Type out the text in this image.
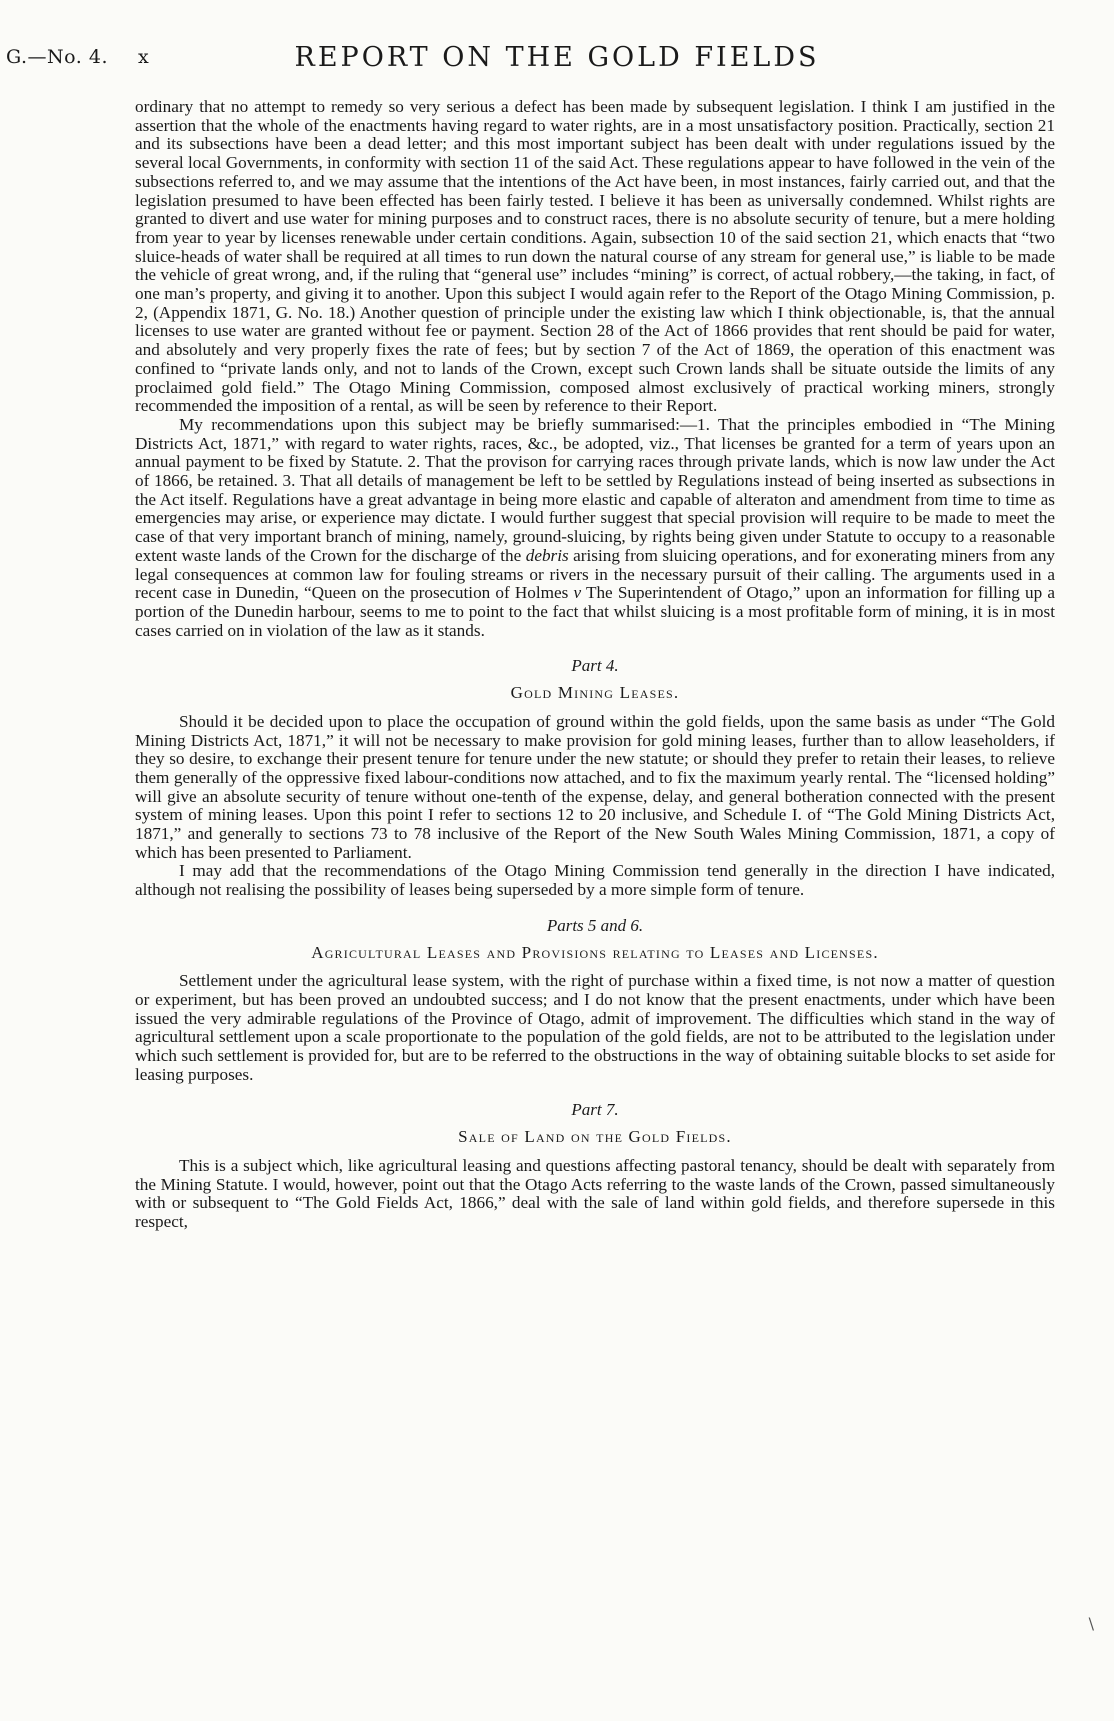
G.—No. 4. x	REPORT ON THE GOLD FIELDS

ordinary that no attempt to remedy so very serious a defect has been made by subsequent legislation. I think I am justified in the assertion that the whole of the enactments having regard to water rights, are in a most unsatisfactory position. Practically, section 21 and its subsections have been a dead letter; and this most important subject has been dealt with under regulations issued by the several local Governments, in conformity with section 11 of the said Act. These regulations appear to have followed in the vein of the subsections referred to, and we may assume that the intentions of the Act have been, in most instances, fairly carried out, and that the legislation presumed to have been effected has been fairly tested. I believe it has been as universally condemned. Whilst rights are granted to divert and use water for mining purposes and to construct races, there is no absolute security of tenure, but a mere holding from year to year by licenses renewable under certain conditions. Again, subsection 10 of the said section 21, which enacts that “two sluice-heads of water shall be required at all times to run down the natural course of any stream for general use,” is liable to be made the vehicle of great wrong, and, if the ruling that “general use” includes “mining” is correct, of actual robbery,—the taking, in fact, of one man’s property, and giving it to another. Upon this subject I would again refer to the Report of the Otago Mining Commission, p. 2, (Appendix 1871, G. No. 18.) Another question of principle under the existing law which I think objectionable, is, that the annual licenses to use water are granted without fee or payment. Section 28 of the Act of 1866 provides that rent should be paid for water, and absolutely and very properly fixes the rate of fees; but by section 7 of the Act of 1869, the operation of this enactment was confined to “private lands only, and not to lands of the Crown, except such Crown lands shall be situate outside the limits of any proclaimed gold field.” The Otago Mining Commission, composed almost exclusively of practical working miners, strongly recommended the imposition of a rental, as will be seen by reference to their Report.

My recommendations upon this subject may be briefly summarised:—1. That the principles embodied in “The Mining Districts Act, 1871,” with regard to water rights, races, &c., be adopted, viz., That licenses be granted for a term of years upon an annual payment to be fixed by Statute. 2. That the provison for carrying races through private lands, which is now law under the Act of 1866, be retained. 3. That all details of management be left to be settled by Regulations instead of being inserted as subsections in the Act itself. Regulations have a great advantage in being more elastic and capable of alteraton and amendment from time to time as emergencies may arise, or experience may dictate. I would further suggest that special provision will require to be made to meet the case of that very important branch of mining, namely, ground-sluicing, by rights being given under Statute to occupy to a reasonable extent waste lands of the Crown for the discharge of the debris arising from sluicing operations, and for exonerating miners from any legal consequences at common law for fouling streams or rivers in the necessary pursuit of their calling. The arguments used in a recent case in Dunedin, “Queen on the prosecution of Holmes v The Superintendent of Otago,” upon an information for filling up a portion of the Dunedin harbour, seems to me to point to the fact that whilst sluicing is a most profitable form of mining, it is in most cases carried on in violation of the law as it stands.

Part 4.
Gold Mining Leases.

Should it be decided upon to place the occupation of ground within the gold fields, upon the same basis as under “The Gold Mining Districts Act, 1871,” it will not be necessary to make provision for gold mining leases, further than to allow leaseholders, if they so desire, to exchange their present tenure for tenure under the new statute; or should they prefer to retain their leases, to relieve them generally of the oppressive fixed labour-conditions now attached, and to fix the maximum yearly rental. The “licensed holding” will give an absolute security of tenure without one-tenth of the expense, delay, and general botheration connected with the present system of mining leases. Upon this point I refer to sections 12 to 20 inclusive, and Schedule I. of “The Gold Mining Districts Act, 1871,” and generally to sections 73 to 78 inclusive of the Report of the New South Wales Mining Commission, 1871, a copy of which has been presented to Parliament.

I may add that the recommendations of the Otago Mining Commission tend generally in the direction I have indicated, although not realising the possibility of leases being superseded by a more simple form of tenure.

Parts 5 and 6.
Agricultural Leases and Provisions relating to Leases and Licenses.

Settlement under the agricultural lease system, with the right of purchase within a fixed time, is not now a matter of question or experiment, but has been proved an undoubted success; and I do not know that the present enactments, under which have been issued the very admirable regulations of the Province of Otago, admit of improvement. The difficulties which stand in the way of agricultural settlement upon a scale proportionate to the population of the gold fields, are not to be attributed to the legislation under which such settlement is provided for, but are to be referred to the obstructions in the way of obtaining suitable blocks to set aside for leasing purposes.

Part 7.
Sale of Land on the Gold Fields.

This is a subject which, like agricultural leasing and questions affecting pastoral tenancy, should be dealt with separately from the Mining Statute. I would, however, point out that the Otago Acts referring to the waste lands of the Crown, passed simultaneously with or subsequent to “The Gold Fields Act, 1866,” deal with the sale of land within gold fields, and therefore supersede in this respect,

\
